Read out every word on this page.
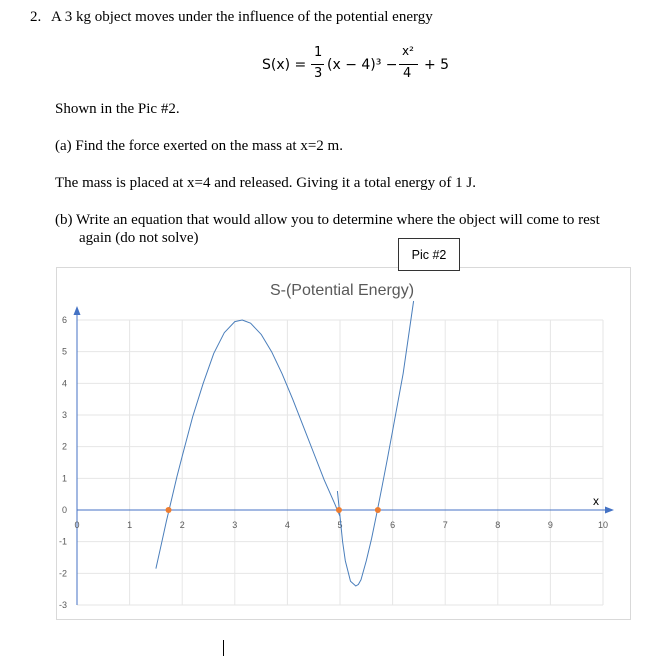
2. A 3 kg object moves under the influence of the potential energy
S(x) =
1
3
(x − 4)³ −
x²
4
+ 5
Shown in the Pic #2.
(a) Find the force exerted on the mass at x=2 m.
The mass is placed at x=4 and released. Giving it a total energy of 1 J.
(b) Write an equation that would allow you to determine where the object will come to rest
again (do not solve)
Pic #2
S-(Potential Energy)
0	1	2	3	4	5	6	7	8	9	10
6
5
4
3
2
1
0
-1
-2
-3
x
